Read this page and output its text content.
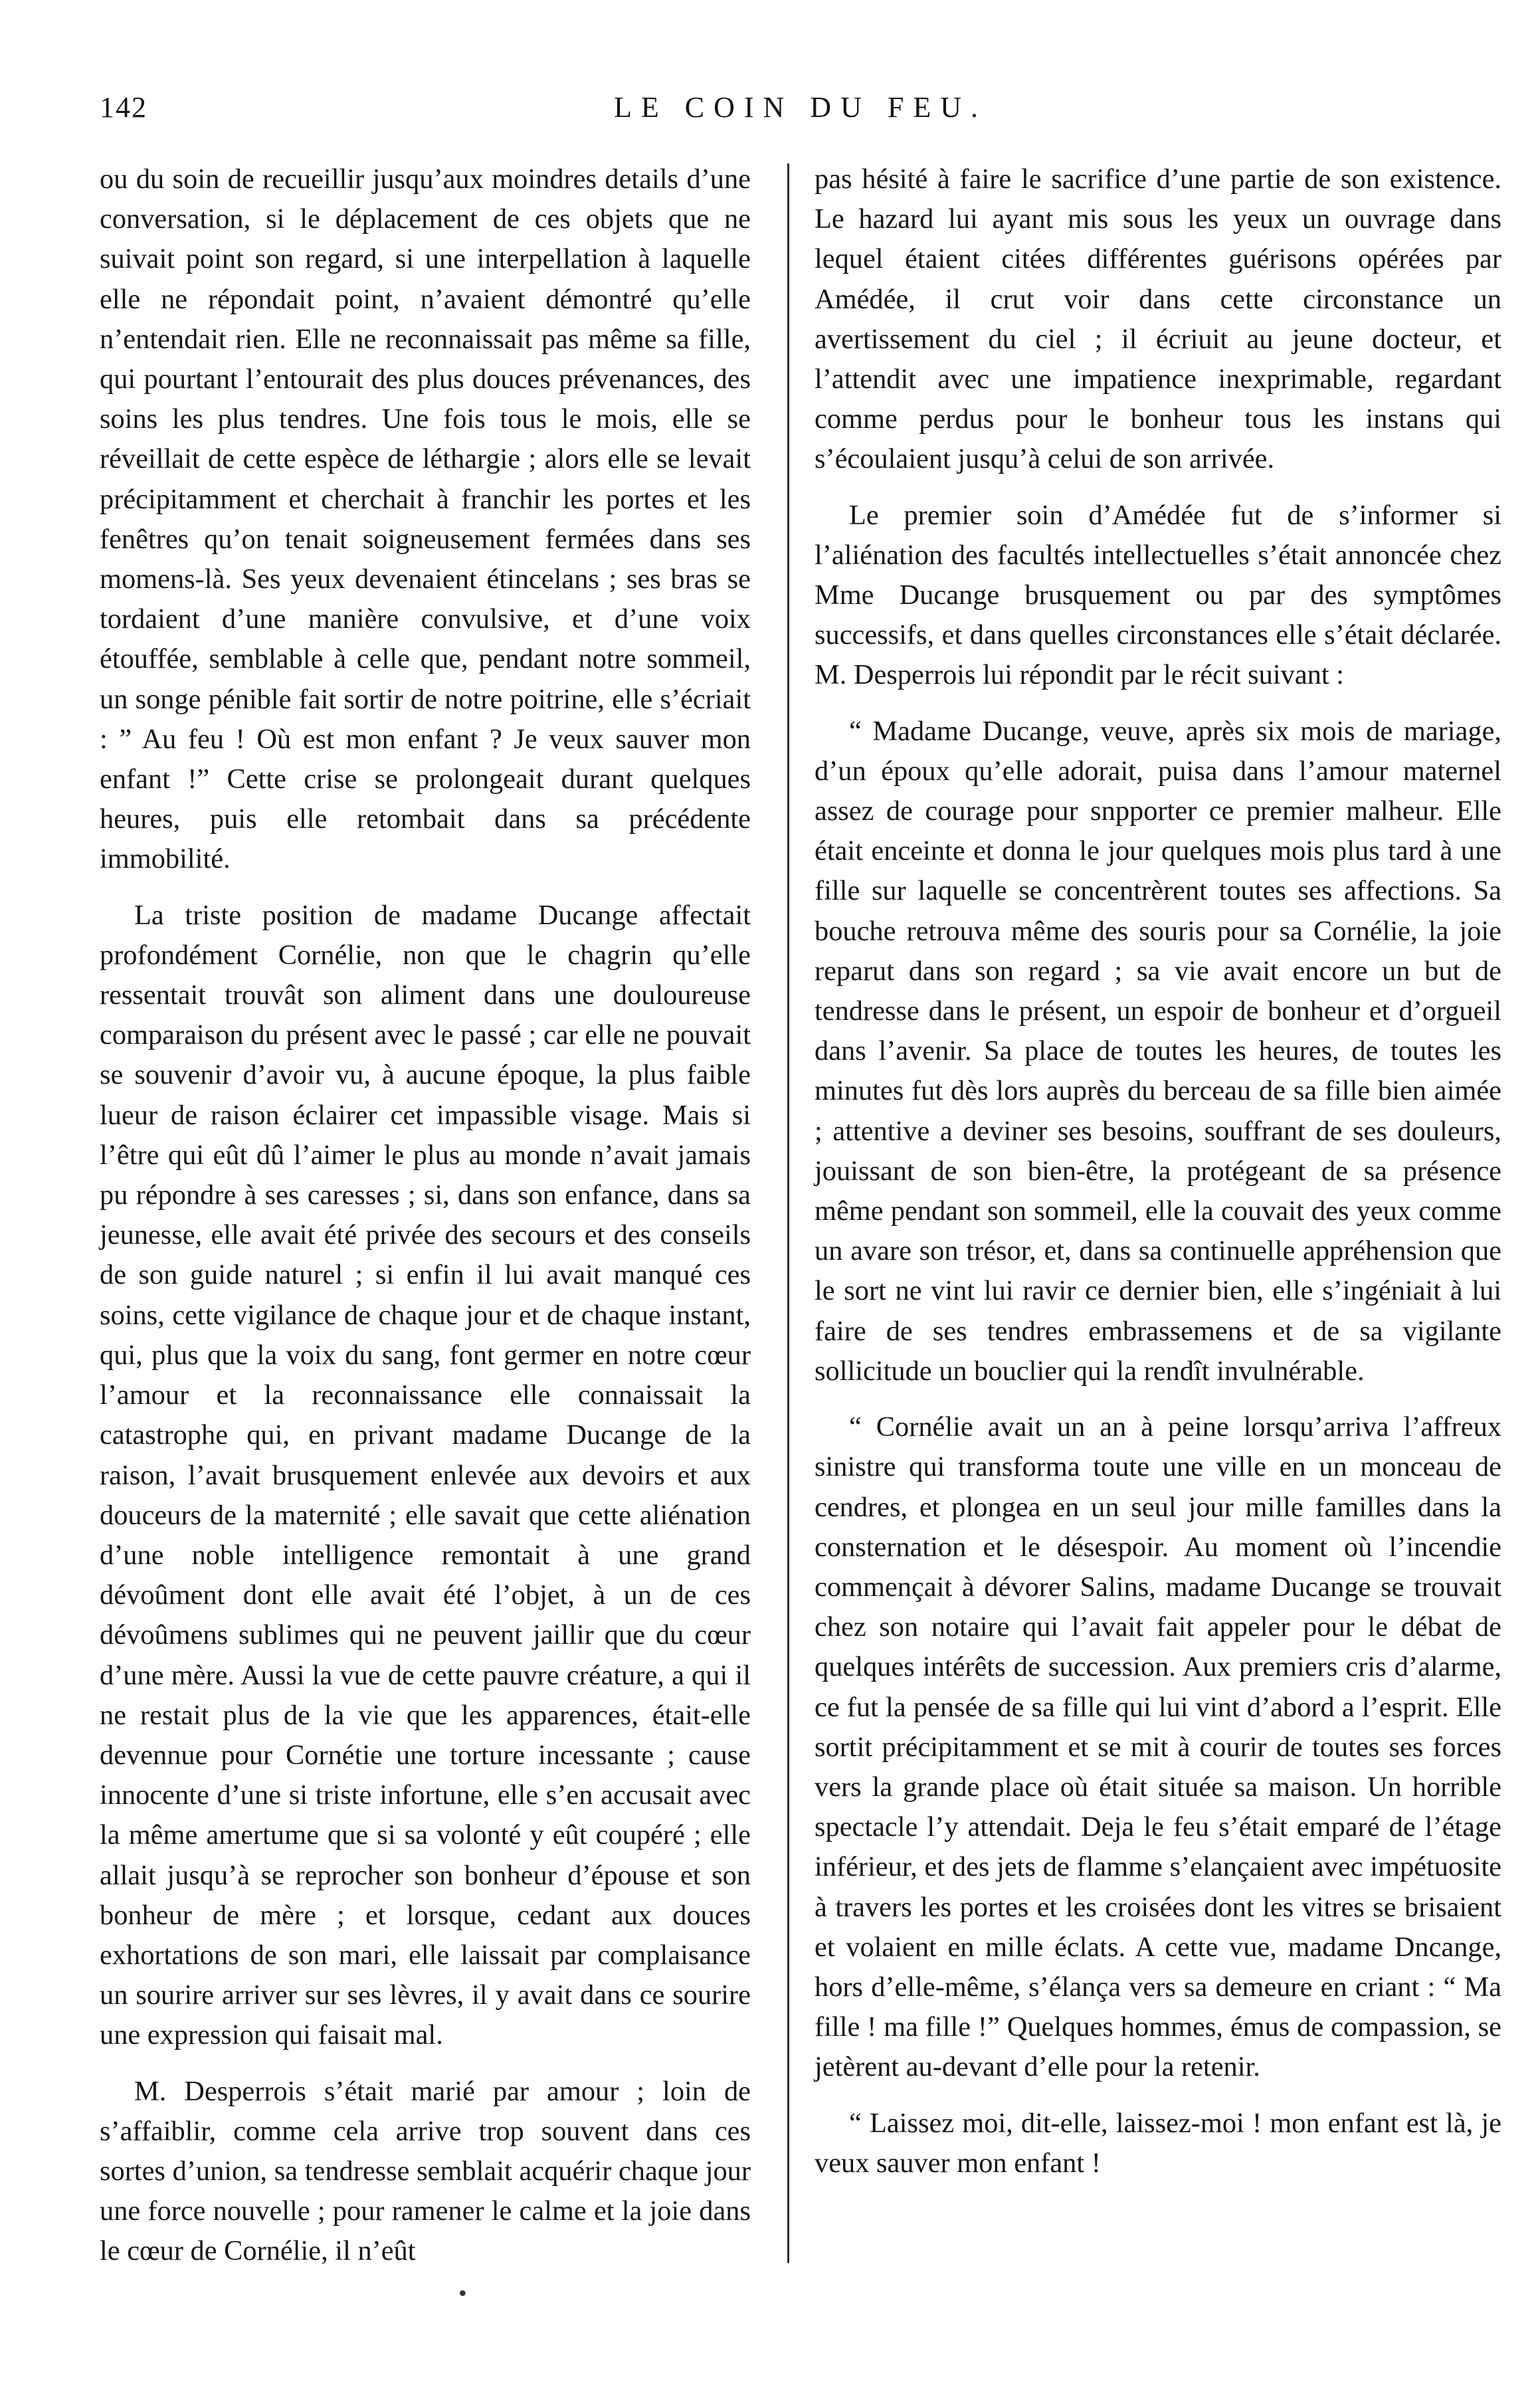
142	LE COIN DU FEU.

ou du soin de recueillir jusqu’aux moindres details d’une conversation, si le déplacement de ces objets que ne suivait point son regard, si une interpellation à laquelle elle ne répondait point, n’avaient démontré qu’elle n’entendait rien. Elle ne reconnaissait pas même sa fille, qui pourtant l’entourait des plus douces prévenances, des soins les plus tendres. Une fois tous le mois, elle se réveillait de cette espèce de léthargie ; alors elle se levait précipitamment et cherchait à franchir les portes et les fenêtres qu’on tenait soigneusement fermées dans ses momens-là. Ses yeux devenaient étincelans ; ses bras se tordaient d’une manière convulsive, et d’une voix étouffée, semblable à celle que, pendant notre sommeil, un songe pénible fait sortir de notre poitrine, elle s’écriait : ” Au feu ! Où est mon enfant ? Je veux sauver mon enfant !” Cette crise se prolongeait durant quelques heures, puis elle retombait dans sa précédente immobilité.

La triste position de madame Ducange affectait profondément Cornélie, non que le chagrin qu’elle ressentait trouvât son aliment dans une douloureuse comparaison du présent avec le passé ; car elle ne pouvait se souvenir d’avoir vu, à aucune époque, la plus faible lueur de raison éclairer cet impassible visage. Mais si l’être qui eût dû l’aimer le plus au monde n’avait jamais pu répondre à ses caresses ; si, dans son enfance, dans sa jeunesse, elle avait été privée des secours et des conseils de son guide naturel ; si enfin il lui avait manqué ces soins, cette vigilance de chaque jour et de chaque instant, qui, plus que la voix du sang, font germer en notre cœur l’amour et la reconnaissance elle connaissait la catastrophe qui, en privant madame Ducange de la raison, l’avait brusquement enlevée aux devoirs et aux douceurs de la maternité ; elle savait que cette aliénation d’une noble intelligence remontait à une grand dévoûment dont elle avait été l’objet, à un de ces dévoûmens sublimes qui ne peuvent jaillir que du cœur d’une mère. Aussi la vue de cette pauvre créature, a qui il ne restait plus de la vie que les apparences, était-elle devennue pour Cornétie une torture incessante ; cause innocente d’une si triste infortune, elle s’en accusait avec la même amertume que si sa volonté y eût coupéré ; elle allait jusqu’à se reprocher son bonheur d’épouse et son bonheur de mère ; et lorsque, cedant aux douces exhortations de son mari, elle laissait par complaisance un sourire arriver sur ses lèvres, il y avait dans ce sourire une expression qui faisait mal.

M. Desperrois s’était marié par amour ; loin de s’affaiblir, comme cela arrive trop souvent dans ces sortes d’union, sa tendresse semblait acquérir chaque jour une force nouvelle ; pour ramener le calme et la joie dans le cœur de Cornélie, il n’eût

pas hésité à faire le sacrifice d’une partie de son existence. Le hazard lui ayant mis sous les yeux un ouvrage dans lequel étaient citées différentes guérisons opérées par Amédée, il crut voir dans cette circonstance un avertissement du ciel ; il écriuit au jeune docteur, et l’attendit avec une impatience inexprimable, regardant comme perdus pour le bonheur tous les instans qui s’écoulaient jusqu’à celui de son arrivée.

Le premier soin d’Amédée fut de s’informer si l’aliénation des facultés intellectuelles s’était annoncée chez Mme Ducange brusquement ou par des symptômes successifs, et dans quelles circonstances elle s’était déclarée. M. Desperrois lui répondit par le récit suivant :

“ Madame Ducange, veuve, après six mois de mariage, d’un époux qu’elle adorait, puisa dans l’amour maternel assez de courage pour snpporter ce premier malheur. Elle était enceinte et donna le jour quelques mois plus tard à une fille sur laquelle se concentrèrent toutes ses affections. Sa bouche retrouva même des souris pour sa Cornélie, la joie reparut dans son regard ; sa vie avait encore un but de tendresse dans le présent, un espoir de bonheur et d’orgueil dans l’avenir. Sa place de toutes les heures, de toutes les minutes fut dès lors auprès du berceau de sa fille bien aimée ; attentive a deviner ses besoins, souffrant de ses douleurs, jouissant de son bien-être, la protégeant de sa présence même pendant son sommeil, elle la couvait des yeux comme un avare son trésor, et, dans sa continuelle appréhension que le sort ne vint lui ravir ce dernier bien, elle s’ingéniait à lui faire de ses tendres embrassemens et de sa vigilante sollicitude un bouclier qui la rendît invulnérable.

“ Cornélie avait un an à peine lorsqu’arriva l’affreux sinistre qui transforma toute une ville en un monceau de cendres, et plongea en un seul jour mille familles dans la consternation et le désespoir. Au moment où l’incendie commençait à dévorer Salins, madame Ducange se trouvait chez son notaire qui l’avait fait appeler pour le débat de quelques intérêts de succession. Aux premiers cris d’alarme, ce fut la pensée de sa fille qui lui vint d’abord a l’esprit. Elle sortit précipitamment et se mit à courir de toutes ses forces vers la grande place où était située sa maison. Un horrible spectacle l’y attendait. Deja le feu s’était emparé de l’étage inférieur, et des jets de flamme s’elançaient avec impétuosite à travers les portes et les croisées dont les vitres se brisaient et volaient en mille éclats. A cette vue, madame Dncange, hors d’elle-même, s’élança vers sa demeure en criant : “ Ma fille ! ma fille !” Quelques hommes, émus de compassion, se jetèrent au-devant d’elle pour la retenir.

“ Laissez moi, dit-elle, laissez-moi ! mon enfant est là, je veux sauver mon enfant !

•
